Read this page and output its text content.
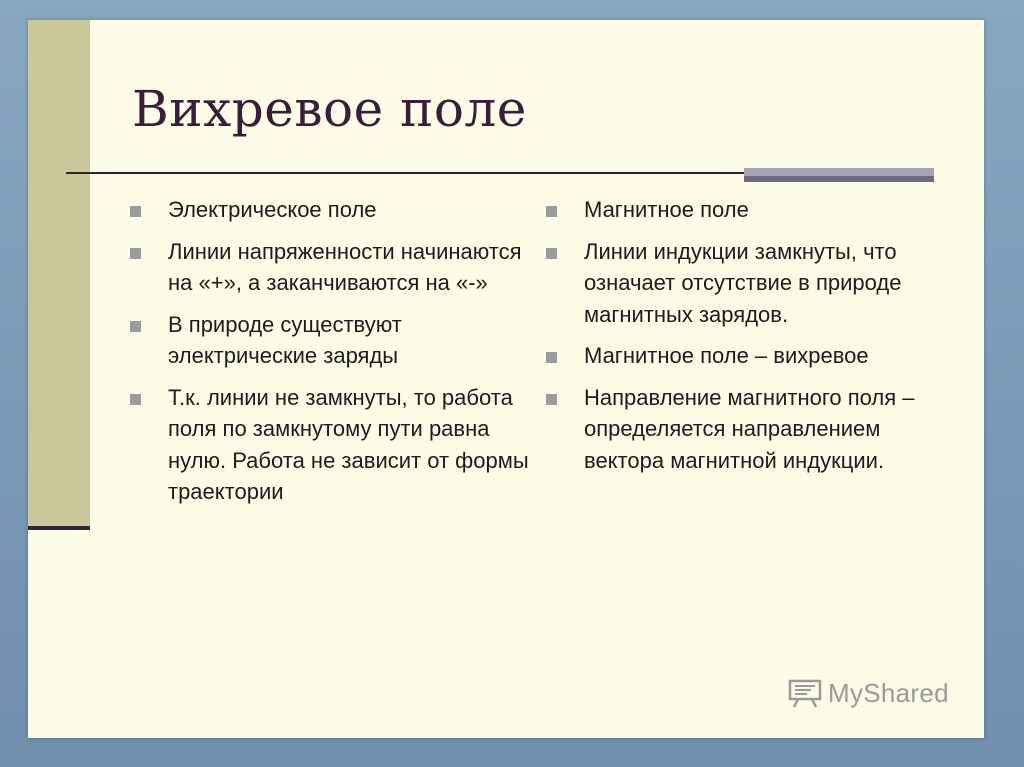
Вихревое поле
Электрическое поле
Линии напряженности начинаются на «+», а заканчиваются на «-»
В природе существуют электрические заряды
Т.к. линии не замкнуты, то работа поля по замкнутому пути равна нулю. Работа не зависит от формы траектории
Магнитное поле
Линии индукции замкнуты, что означает отсутствие в природе магнитных зарядов.
Магнитное поле – вихревое
Направление магнитного поля – определяется направлением вектора магнитной индукции.
MyShared
